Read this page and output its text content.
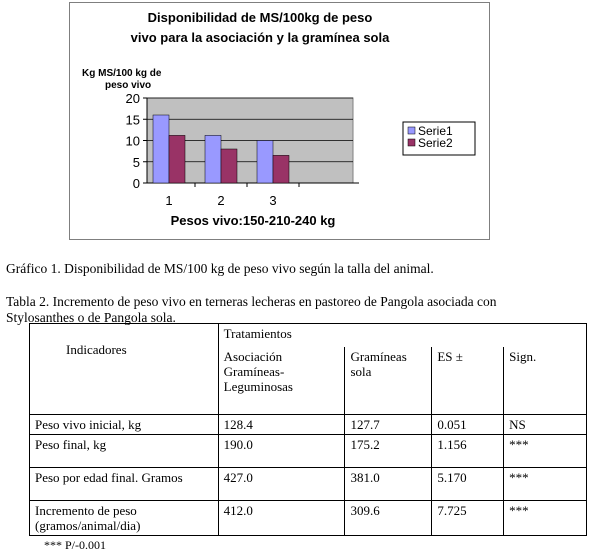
Disponibilidad de MS/100kg de peso
vivo para la asociación y la gramínea sola
Kg MS/100 kg de
peso vivo
0
5
10
15
20
1	2	3
Pesos vivo:150-210-240 kg
Serie1
Serie2
Gráfico 1. Disponibilidad de MS/100 kg de peso vivo según la talla del animal.
Tabla 2. Incremento de peso vivo en terneras lecheras en pastoreo de Pangola asociada con
Stylosanthes o de Pangola sola.
Indicadores	Tratamientos			
	Asociación Gramíneas-Leguminosas	Gramíneas sola	ES ±	Sign.
Peso vivo inicial, kg	128.4	127.7	0.051	NS
Peso final, kg	190.0	175.2	1.156	***
Peso por edad final. Gramos	427.0	381.0	5.170	***
Incremento de peso (gramos/animal/dia)	412.0	309.6	7.725	***
*** P/-0.001
